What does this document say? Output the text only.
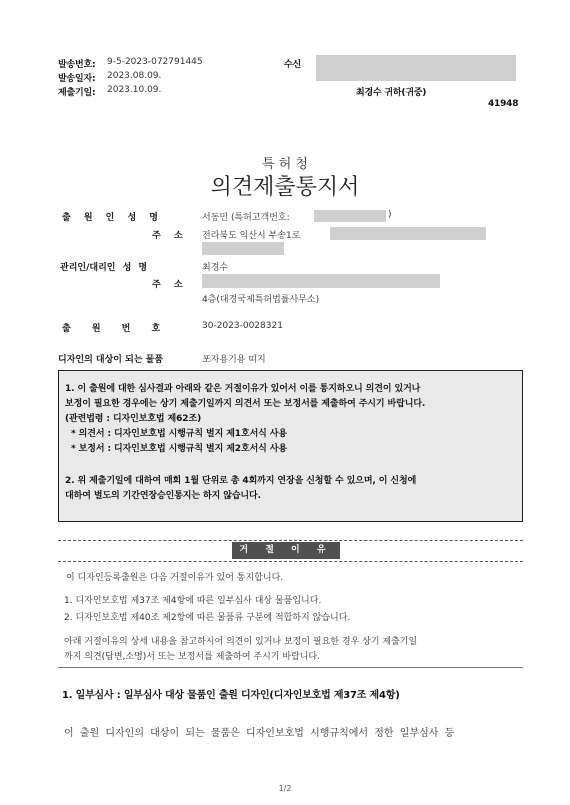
발송번호: 9-5-2023-072791445
발송일자: 2023.08.09.
제출기일: 2023.10.09.
수신
최경수 귀하(귀중)
41948
특 허 청
의견제출통지서
출 원 인 성 명	서동민 (특허고객번호:	)
주 소 전라북도 익산시 부송1로
관리인/대리인 성 명	최경수
주 소
4층(대경국제특허법률사무소)
출 원 번 호	30-2023-0028321
디자인의 대상이 되는 물품	포자용기용 띠지
1. 이 출원에 대한 심사결과 아래와 같은 거절이유가 있어서 이를 통지하오니 의견이 있거나
보정이 필요한 경우에는 상기 제출기일까지 의견서 또는 보정서를 제출하여 주시기 바랍니다.
(관련법령 : 디자인보호법 제62조)
* 의견서 : 디자인보호법 시행규칙 별지 제1호서식 사용
* 보정서 : 디자인보호법 시행규칙 별지 제2호서식 사용
2. 위 제출기일에 대하여 매회 1월 단위로 총 4회까지 연장을 신청할 수 있으며, 이 신청에
대하여 별도의 기간연장승인통지는 하지 않습니다.
거 절 이 유
이 디자인등록출원은 다음 거절이유가 있어 통지합니다.
1. 디자인보호법 제37조 제4항에 따른 일부심사 대상 물품입니다.
2. 디자인보호법 제40조 제2항에 따른 물품류 구분에 적합하지 않습니다.
아래 거절이유의 상세 내용을 참고하시어 의견이 있거나 보정이 필요한 경우 상기 제출기일
까지 의견(답변,소명)서 또는 보정서를 제출하여 주시기 바랍니다.
1. 일부심사 : 일부심사 대상 물품인 출원 디자인(디자인보호법 제37조 제4항)
이 출원 디자인의 대상이 되는 물품은 디자인보호법 시행규칙에서 정한 일부심사 등
1/2
